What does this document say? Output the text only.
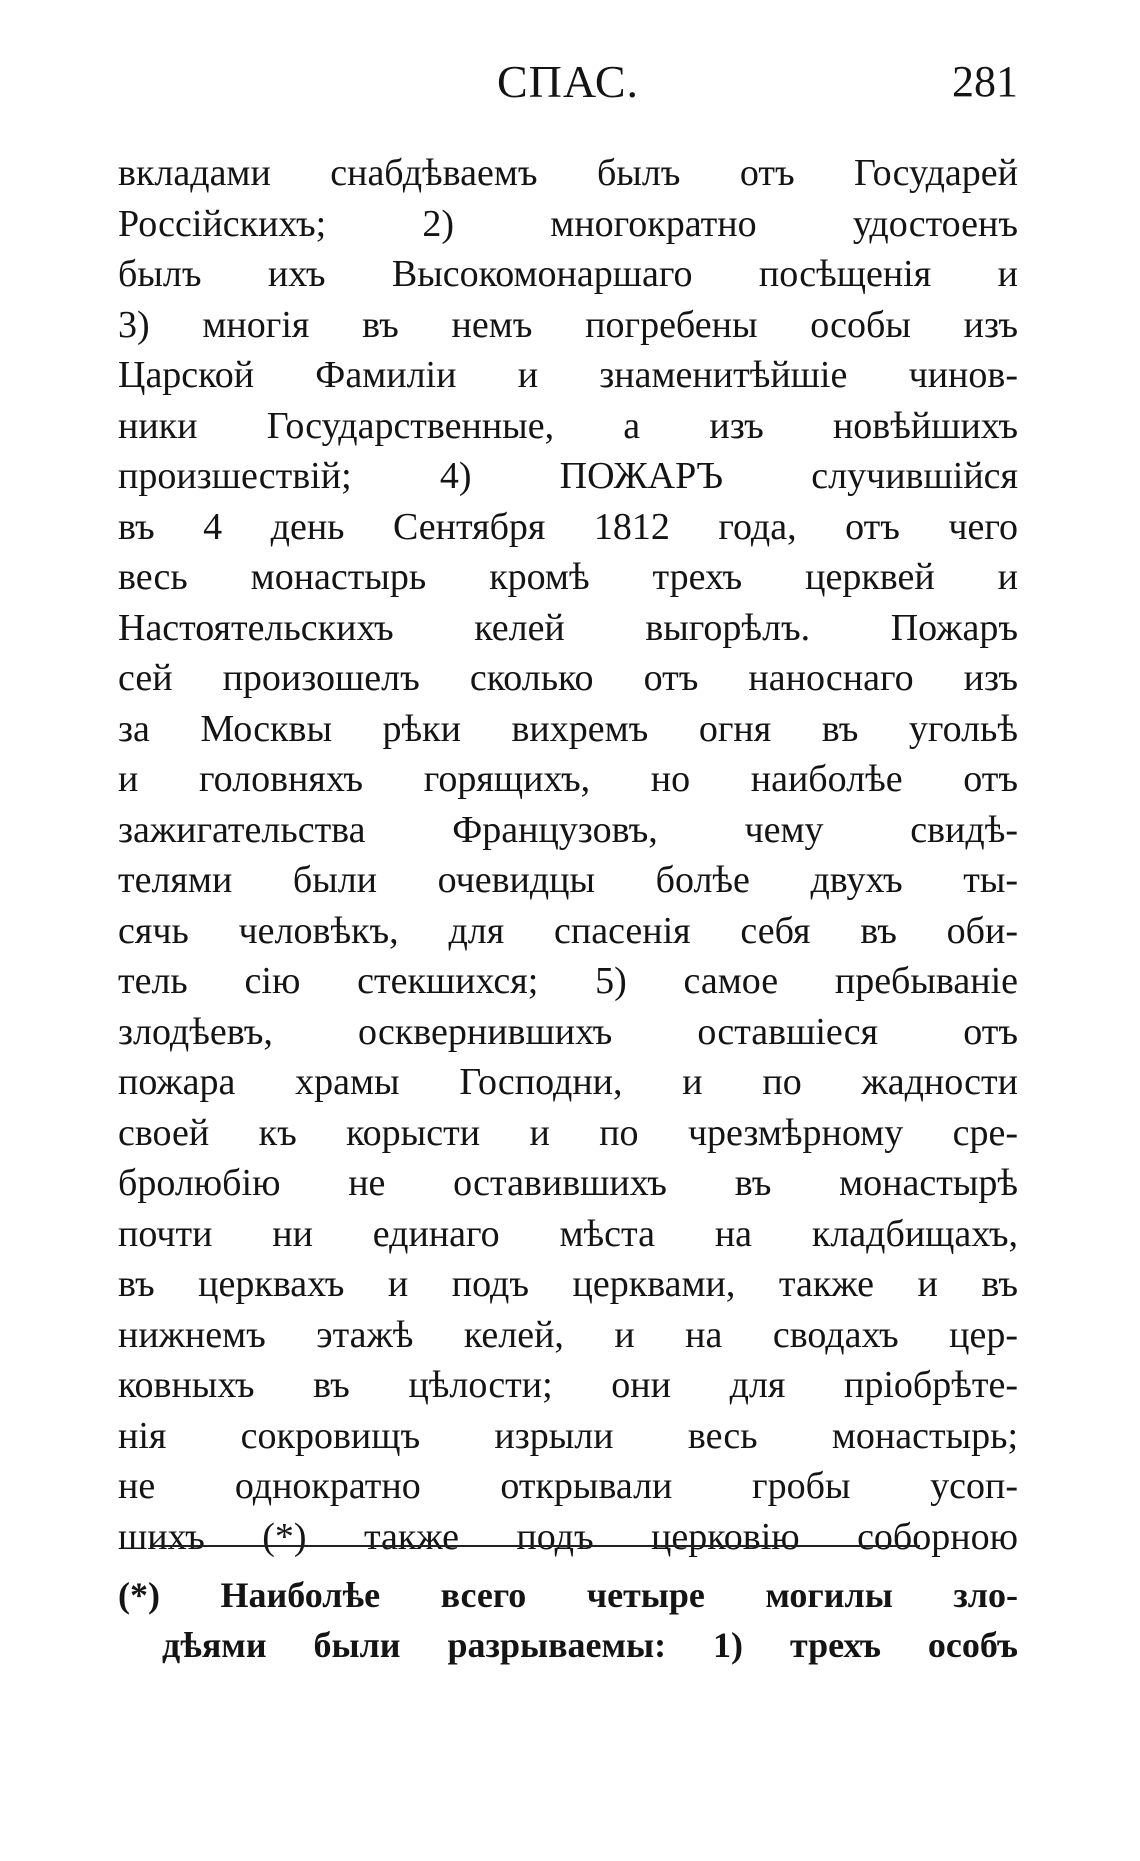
СПАС.	281
вкладами снабдѣваемъ былъ отъ Государей
Россійскихъ; 2) многократно удостоенъ
былъ ихъ Высокомонаршаго посѣщенія и
3) многія въ немъ погребены особы изъ
Царской Фамиліи и знаменитѣйшіе чинов-
ники Государственные, а изъ новѣйшихъ
произшествій; 4) ПОЖАРЪ случившійся
въ 4 день Сентября 1812 года, отъ чего
весь монастырь кромѣ трехъ церквей и
Настоятельскихъ келей выгорѣлъ. Пожаръ
сей произошелъ сколько отъ наноснаго изъ
за Москвы рѣки вихремъ огня въ угольѣ
и головняхъ горящихъ, но наиболѣе отъ
зажигательства Французовъ, чему свидѣ-
телями были очевидцы болѣе двухъ ты-
сячь человѣкъ, для спасенія себя въ оби-
тель сію стекшихся; 5) самое пребываніе
злодѣевъ, осквернившихъ оставшіеся отъ
пожара храмы Господни, и по жадности
своей къ корысти и по чрезмѣрному сре-
бролюбію не оставившихъ въ монастырѣ
почти ни единаго мѣста на кладбищахъ,
въ церквахъ и подъ церквами, также и въ
нижнемъ этажѣ келей, и на сводахъ цер-
ковныхъ въ цѣлости; они для пріобрѣте-
нія сокровищъ изрыли весь монастырь;
не однократно открывали гробы усоп-
шихъ (*) также подъ церковію соборною
(*) Наиболѣе всего четыре могилы зло-
дѣями были разрываемы: 1) трехъ особъ
